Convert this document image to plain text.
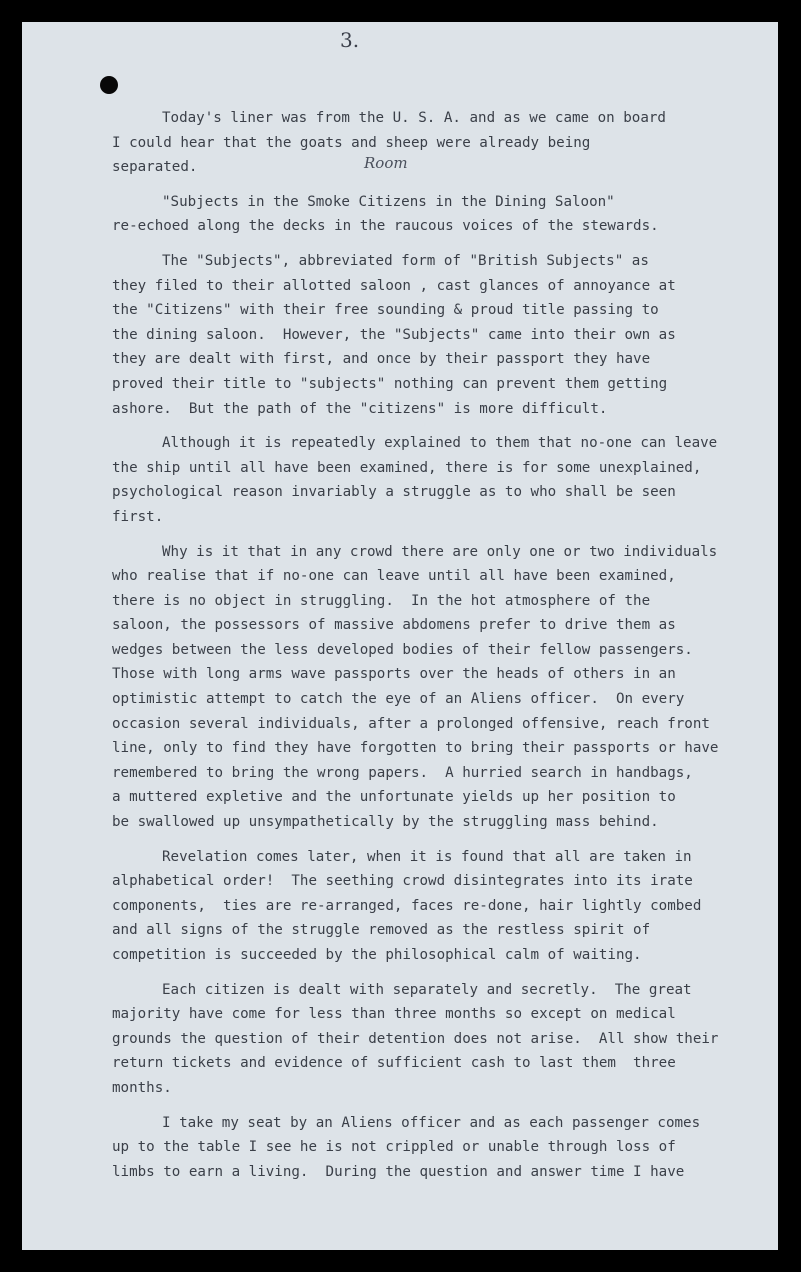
3.
Room
Today's liner was from the U. S. A. and as we came on board
I could hear that the goats and sheep were already being
separated.
"Subjects in the Smoke Citizens in the Dining Saloon"
re-echoed along the decks in the raucous voices of the stewards.
The "Subjects", abbreviated form of "British Subjects" as
they filed to their allotted saloon , cast glances of annoyance at
the "Citizens" with their free sounding & proud title passing to
the dining saloon.  However, the "Subjects" came into their own as
they are dealt with first, and once by their passport they have
proved their title to "subjects" nothing can prevent them getting
ashore.  But the path of the "citizens" is more difficult.
Although it is repeatedly explained to them that no-one can leave
the ship until all have been examined, there is for some unexplained,
psychological reason invariably a struggle as to who shall be seen
first.
Why is it that in any crowd there are only one or two individuals
who realise that if no-one can leave until all have been examined,
there is no object in struggling.  In the hot atmosphere of the
saloon, the possessors of massive abdomens prefer to drive them as
wedges between the less developed bodies of their fellow passengers.
Those with long arms wave passports over the heads of others in an
optimistic attempt to catch the eye of an Aliens officer.  On every
occasion several individuals, after a prolonged offensive, reach front
line, only to find they have forgotten to bring their passports or have
remembered to bring the wrong papers.  A hurried search in handbags,
a muttered expletive and the unfortunate yields up her position to
be swallowed up unsympathetically by the struggling mass behind.
Revelation comes later, when it is found that all are taken in
alphabetical order!  The seething crowd disintegrates into its irate
components,  ties are re-arranged, faces re-done, hair lightly combed
and all signs of the struggle removed as the restless spirit of
competition is succeeded by the philosophical calm of waiting.
Each citizen is dealt with separately and secretly.  The great
majority have come for less than three months so except on medical
grounds the question of their detention does not arise.  All show their
return tickets and evidence of sufficient cash to last them  three
months.
I take my seat by an Aliens officer and as each passenger comes
up to the table I see he is not crippled or unable through loss of
limbs to earn a living.  During the question and answer time I have
